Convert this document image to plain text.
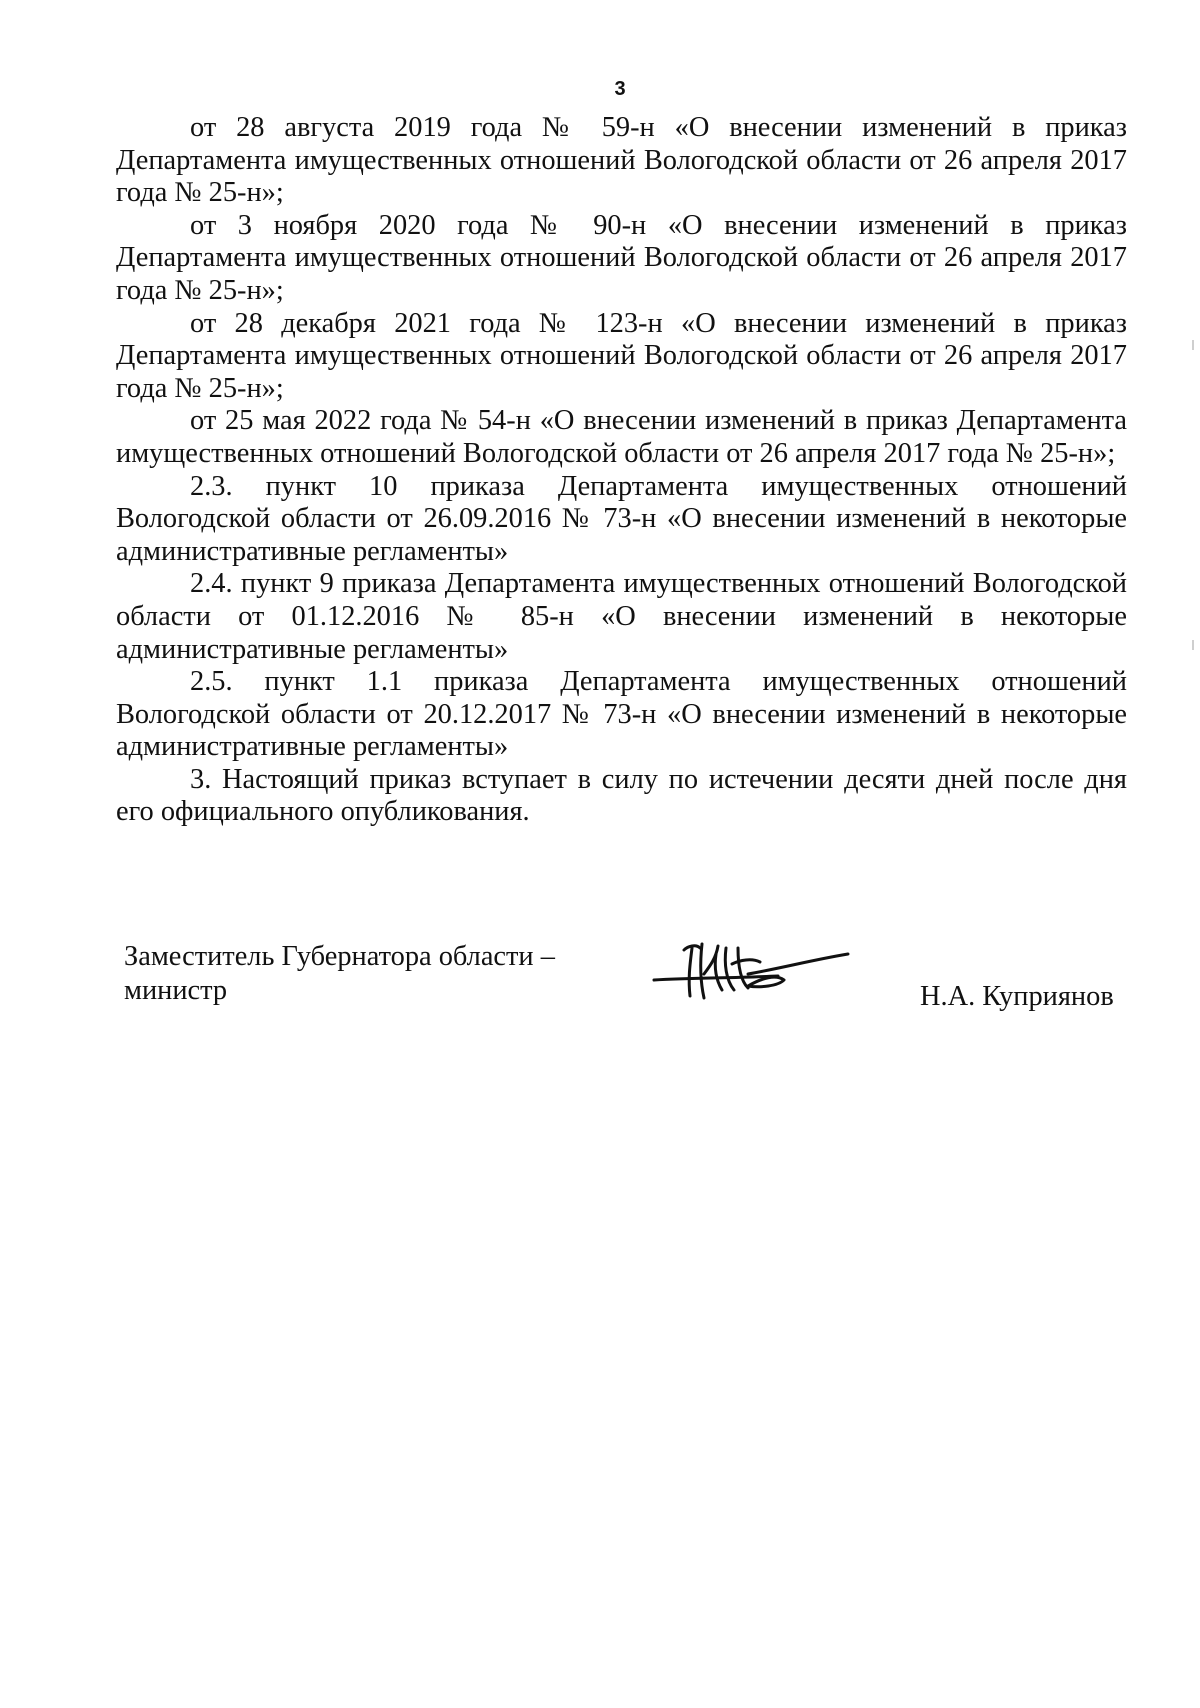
3

от 28 августа 2019 года № 59-н «О внесении изменений в приказ Департамента имущественных отношений Вологодской области от 26 апреля 2017 года № 25-н»;

от 3 ноября 2020 года № 90-н «О внесении изменений в приказ Департамента имущественных отношений Вологодской области от 26 апреля 2017 года № 25-н»;

от 28 декабря 2021 года № 123-н «О внесении изменений в приказ Департамента имущественных отношений Вологодской области от 26 апреля 2017 года № 25-н»;

от 25 мая 2022 года № 54-н «О внесении изменений в приказ Департамента имущественных отношений Вологодской области от 26 апреля 2017 года № 25-н»;

2.3. пункт 10 приказа Департамента имущественных отношений Вологодской области от 26.09.2016 № 73-н «О внесении изменений в некоторые административные регламенты»

2.4. пункт 9 приказа Департамента имущественных отношений Вологодской области от 01.12.2016 № 85-н «О внесении изменений в некоторые административные регламенты»

2.5. пункт 1.1 приказа Департамента имущественных отношений Вологодской области от 20.12.2017 № 73-н «О внесении изменений в некоторые административные регламенты»

3. Настоящий приказ вступает в силу по истечении десяти дней после дня его официального опубликования.

Заместитель Губернатора области –
министр	Н.А. Куприянов
